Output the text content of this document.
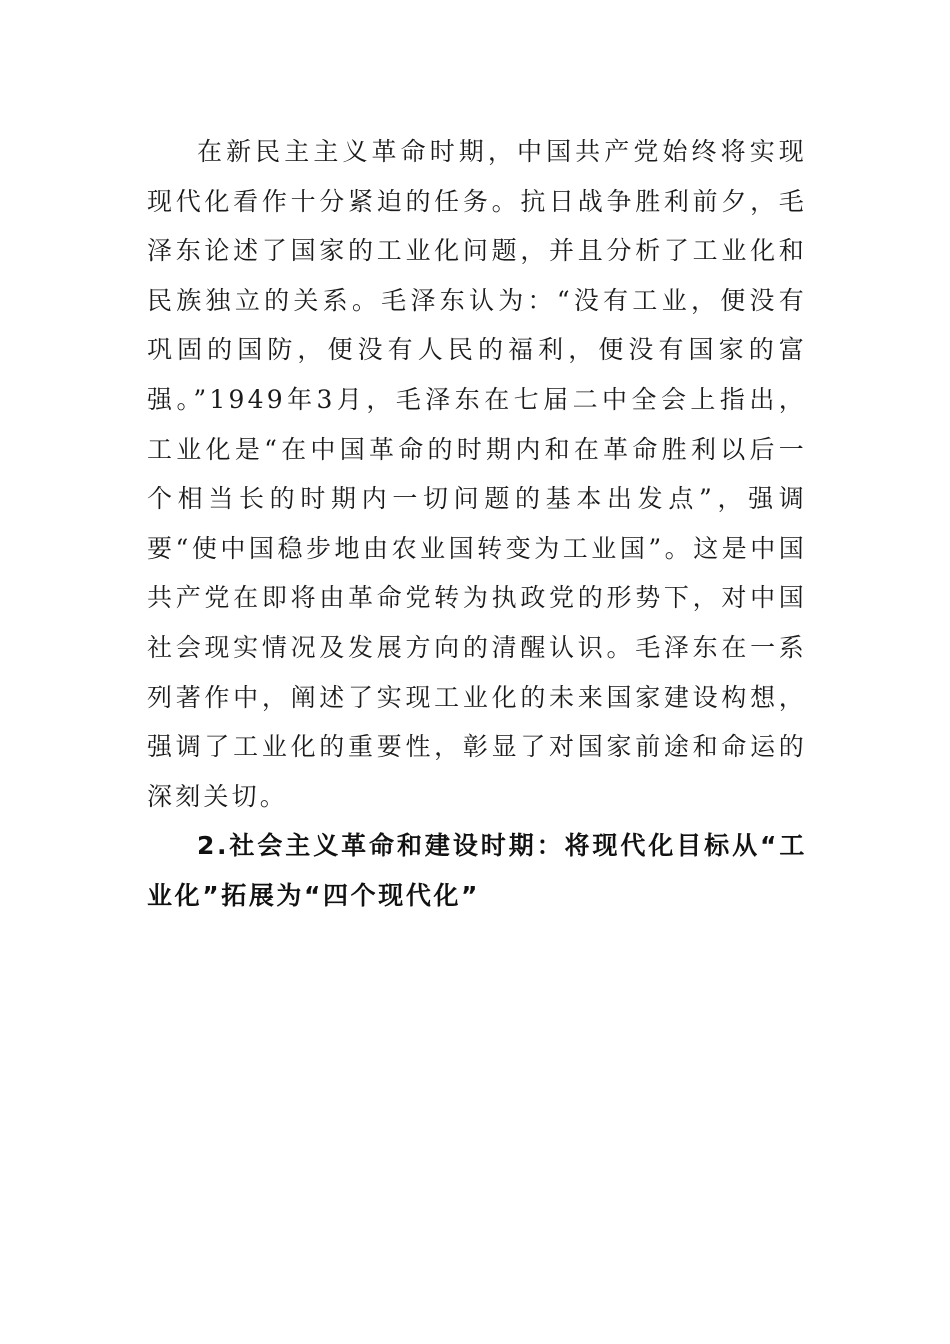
在新民主主义革命时期，中国共产党始终将实现现代化看作十分紧迫的任务。抗日战争胜利前夕，毛泽东论述了国家的工业化问题，并且分析了工业化和民族独立的关系。毛泽东认为：“没有工业，便没有巩固的国防，便没有人民的福利，便没有国家的富强。”1949年3月，毛泽东在七届二中全会上指出，工业化是“在中国革命的时期内和在革命胜利以后一个相当长的时期内一切问题的基本出发点”，强调要“使中国稳步地由农业国转变为工业国”。这是中国共产党在即将由革命党转为执政党的形势下，对中国社会现实情况及发展方向的清醒认识。毛泽东在一系列著作中，阐述了实现工业化的未来国家建设构想，强调了工业化的重要性，彰显了对国家前途和命运的深刻关切。

2.社会主义革命和建设时期：将现代化目标从“工业化”拓展为“四个现代化”
